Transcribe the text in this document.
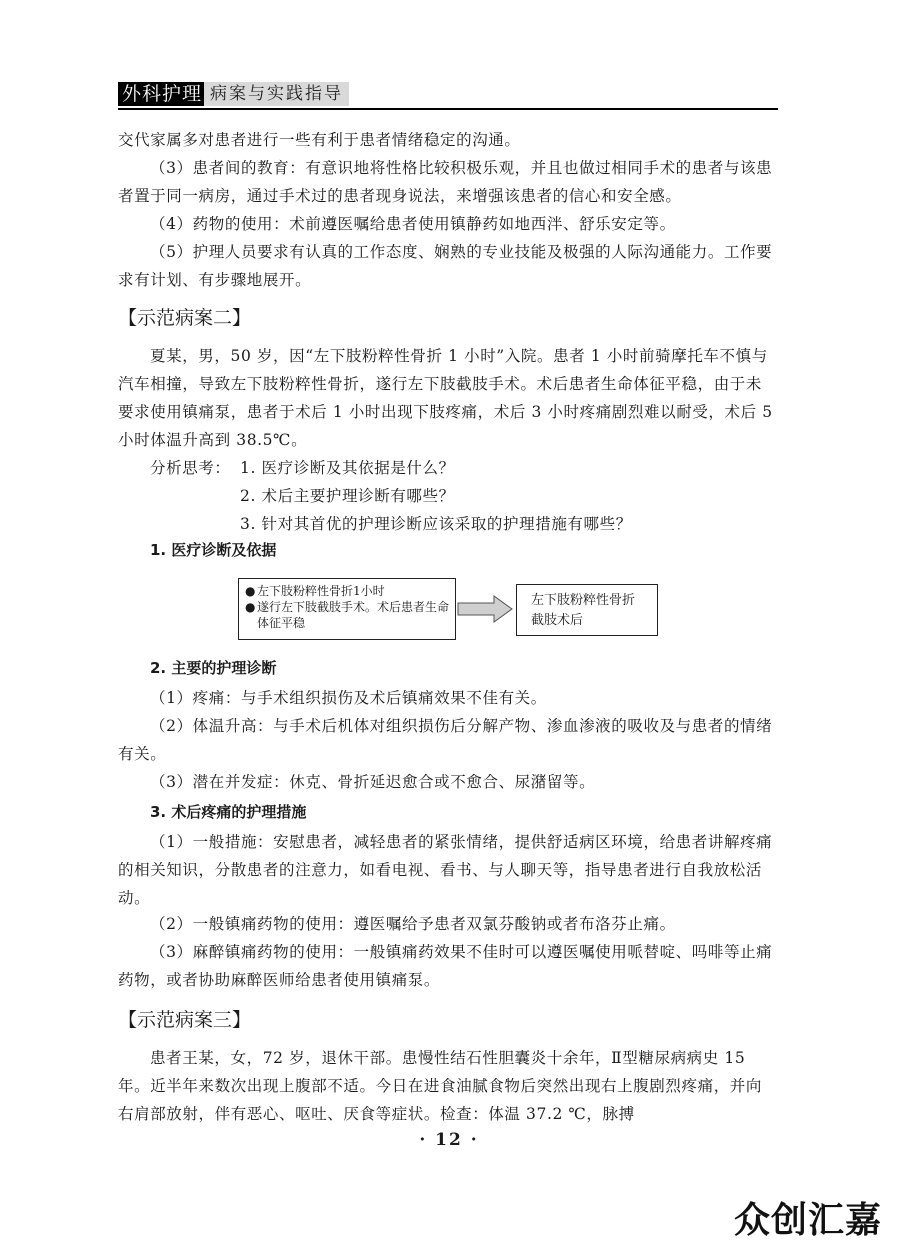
外科护理 病案与实践指导

交代家属多对患者进行一些有利于患者情绪稳定的沟通。

（3）患者间的教育：有意识地将性格比较积极乐观，并且也做过相同手术的患者与该患者置于同一病房，通过手术过的患者现身说法，来增强该患者的信心和安全感。

（4）药物的使用：术前遵医嘱给患者使用镇静药如地西泮、舒乐安定等。

（5）护理人员要求有认真的工作态度、娴熟的专业技能及极强的人际沟通能力。工作要求有计划、有步骤地展开。

【示范病案二】

夏某，男，50 岁，因“左下肢粉粹性骨折 1 小时”入院。患者 1 小时前骑摩托车不慎与汽车相撞，导致左下肢粉粹性骨折，遂行左下肢截肢手术。术后患者生命体征平稳，由于未要求使用镇痛泵，患者于术后 1 小时出现下肢疼痛，术后 3 小时疼痛剧烈难以耐受，术后 5 小时体温升高到 38.5℃。

分析思考： 1. 医疗诊断及其依据是什么？
2. 术后主要护理诊断有哪些？
3. 针对其首优的护理诊断应该采取的护理措施有哪些？
1. 医疗诊断及依据
● 左下肢粉粹性骨折1小时
● 遂行左下肢截肢手术。术后患者生命体征平稳
左下肢粉粹性骨折截肢术后
2. 主要的护理诊断

（1）疼痛：与手术组织损伤及术后镇痛效果不佳有关。

（2）体温升高：与手术后机体对组织损伤后分解产物、渗血渗液的吸收及与患者的情绪有关。

（3）潜在并发症：休克、骨折延迟愈合或不愈合、尿潴留等。

3. 术后疼痛的护理措施

（1）一般措施：安慰患者，减轻患者的紧张情绪，提供舒适病区环境，给患者讲解疼痛的相关知识，分散患者的注意力，如看电视、看书、与人聊天等，指导患者进行自我放松活动。

（2）一般镇痛药物的使用：遵医嘱给予患者双氯芬酸钠或者布洛芬止痛。

（3）麻醉镇痛药物的使用：一般镇痛药效果不佳时可以遵医嘱使用哌替啶、吗啡等止痛药物，或者协助麻醉医师给患者使用镇痛泵。

【示范病案三】

患者王某，女，72 岁，退休干部。患慢性结石性胆囊炎十余年，Ⅱ型糖尿病病史 15 年。近半年来数次出现上腹部不适。今日在进食油腻食物后突然出现右上腹剧烈疼痛，并向右肩部放射，伴有恶心、呕吐、厌食等症状。检查：体温 37.2 ℃，脉搏

· 12 ·
众创汇嘉
